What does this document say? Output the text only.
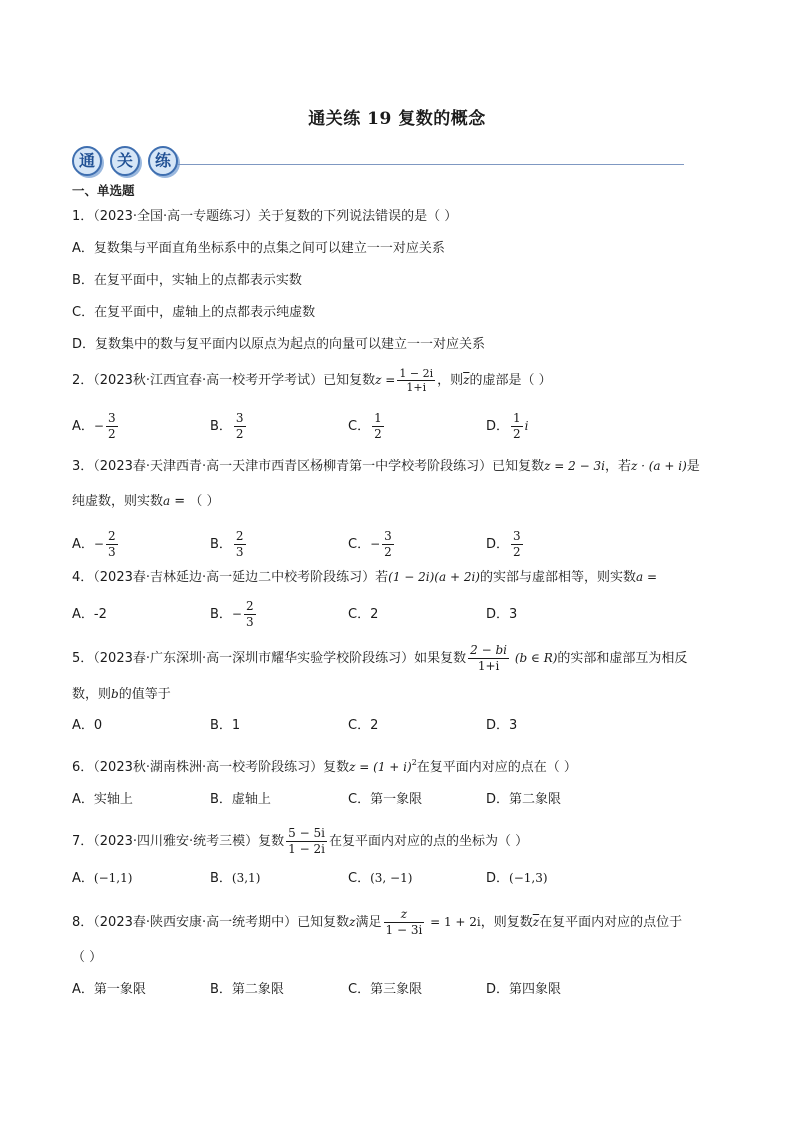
通关练 19 复数的概念
通	关	练
一、单选题
1．（2023·全国·高一专题练习）关于复数的下列说法错误的是（ ）
A．复数集与平面直角坐标系中的点集之间可以建立一一对应关系
B．在复平面中，实轴上的点都表示实数
C．在复平面中，虚轴上的点都表示纯虚数
D．复数集中的数与复平面内以原点为起点的向量可以建立一一对应关系
2．（2023秋·江西宜春·高一校考开学考试）已知复数$z = \frac{1 - 2i}{1+i}$ ，则$\overline{z}$的虚部是（ ）
A．− $\frac{3}{2}$	B． $\frac{3}{2}$	C． $\frac{1}{2}$	D． $\frac{1}{2}$ i
3．（2023春·天津西青·高一天津市西青区杨柳青第一中学校考阶段练习）已知复数z = 2 − 3i，若z · (a + i)是
纯虚数，则实数a = （ ）
A．− $\frac{2}{3}$	B． $\frac{2}{3}$	C．− $\frac{3}{2}$	D． $\frac{3}{2}$
4．（2023春·吉林延边·高一延边二中校考阶段练习）若(1 − 2i)(a + 2i)的实部与虚部相等，则实数a =
A．-2	B．− $\frac{2}{3}$	C．2	D．3
5．（2023春·广东深圳·高一深圳市耀华实验学校阶段练习）如果复数 $\frac{2 - bi}{1+i} (b$ ∈ R)的实部和虚部互为相反
数，则b的值等于
A．0	B．1	C．2	D．3
6．（2023秋·湖南株洲·高一校考阶段练习）复数$z = (1 + i)^2$在复平面内对应的点在（ ）
A．实轴上	B．虚轴上	C．第一象限	D．第二象限
7．（2023·四川雅安·统考三模）复数 $\frac{5 - 5i}{1 - 2i}$ 在复平面内对应的点的坐标为（ ）
A．(−1,1)	B．(3,1)	C．(3, −1)	D．(−1,3)
8．（2023春·陕西安康·高一统考期中）已知复数z满足 $\frac{z}{1 - 3i} = 1 + 2i$，则复数$\overline{z}$在复平面内对应的点位于
（ ）
A．第一象限	B．第二象限	C．第三象限	D．第四象限
